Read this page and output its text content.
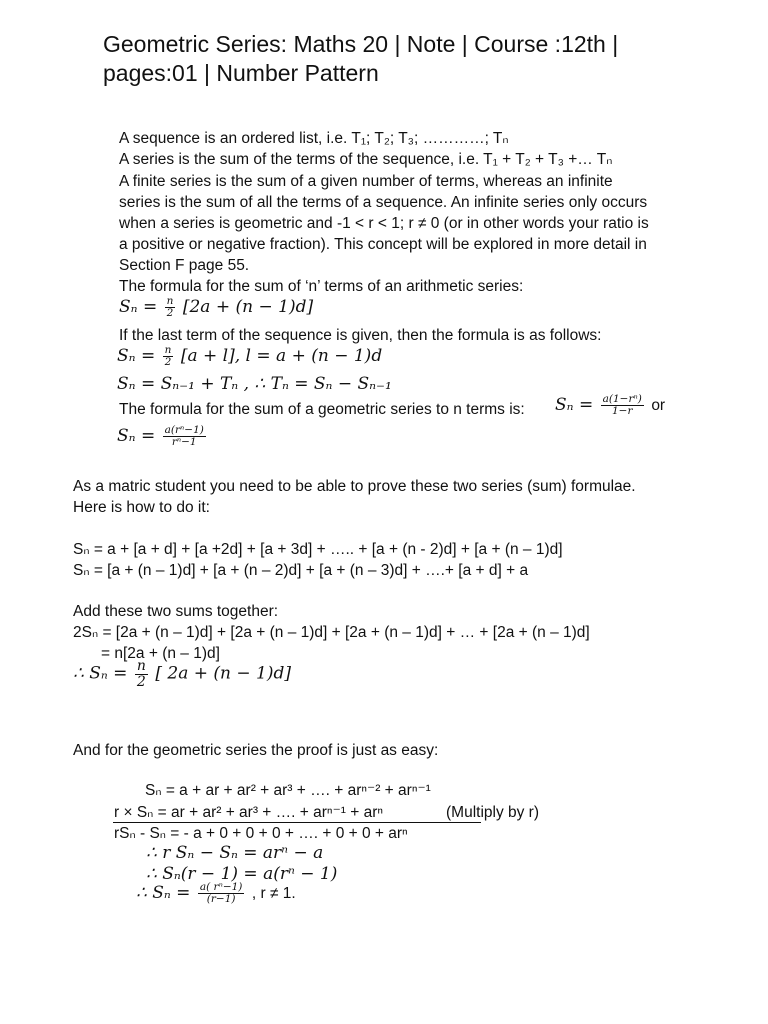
Geometric Series: Maths 20 | Note | Course :12th |
pages:01 | Number Pattern
A sequence is an ordered list, i.e. T₁; T₂; T₃; …………; Tₙ
A series is the sum of the terms of the sequence, i.e. T₁ + T₂ + T₃ +… Tₙ
A finite series is the sum of a given number of terms, whereas an infinite
series is the sum of all the terms of a sequence. An infinite series only occurs
when a series is geometric and -1 < r < 1; r ≠ 0 (or in other words your ratio is
a positive or negative fraction). This concept will be explored in more detail in
Section F page 55.
The formula for the sum of ‘n’ terms of an arithmetic series:
$S_n = \frac{n}{2} [2a + (n - 1)d]$
If the last term of the sequence is given, then the formula is as follows:
$S_n = \frac{n}{2} [a + l]$, l = a + (n − 1)d
Sₙ = Sₙ₋₁ + Tₙ , ∴ Tₙ = Sₙ − Sₙ₋₁
The formula for the sum of a geometric series to n terms is: $S_n = \frac{\text{a(1−rⁿ)}}{1-r}$ or
$S_n = \frac{\text{a(rⁿ−1)}}{\text{rⁿ−1}}$
As a matric student you need to be able to prove these two series (sum) formulae.
Here is how to do it:
Sₙ = a + [a + d] + [a +2d] + [a + 3d] + ….. + [a + (n - 2)d] + [a + (n – 1)d]
Sₙ = [a + (n – 1)d] + [a + (n – 2)d] + [a + (n – 3)d] + ….+ [a + d] + a
Add these two sums together:
2Sₙ = [2a + (n – 1)d] + [2a + (n – 1)d] + [2a + (n – 1)d] + … + [2a + (n – 1)d]
= n[2a + (n – 1)d]
∴ $S_n = \frac{n}{2}$ [ 2a + (n − 1)d]
And for the geometric series the proof is just as easy:
Sₙ = a + ar + ar² + ar³ + …. + arⁿ⁻² + arⁿ⁻¹
r × Sₙ = ar + ar² + ar³ + …. + arⁿ⁻¹ + arⁿ	(Multiply by r)
rSₙ - Sₙ = - a + 0 + 0 + 0 + …. + 0 + 0 + arⁿ
∴ r Sₙ − Sₙ = arⁿ − a
∴ Sₙ(r − 1) = a(rⁿ − 1)
∴ $S_n = \frac{\text{a( rⁿ−1)}}{(r-1)}$ , r ≠ 1.
